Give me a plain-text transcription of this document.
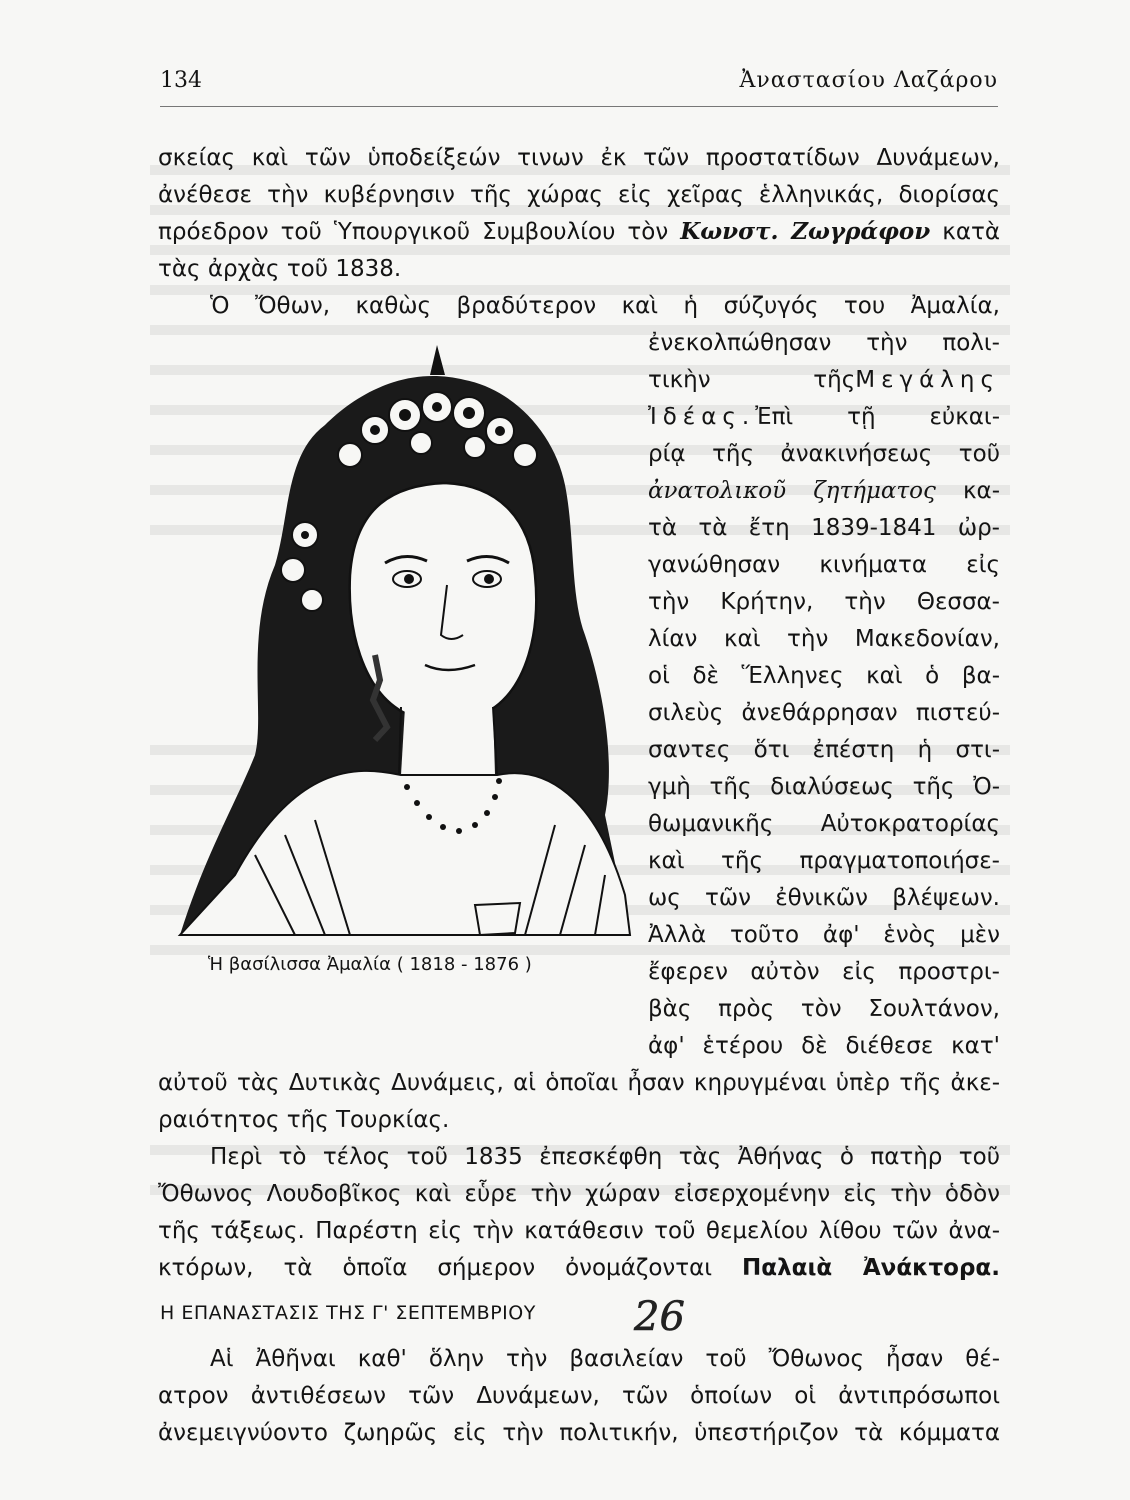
134	Ἀναστασίου Λαζάρου
σκείας καὶ τῶν ὑποδείξεών τινων ἐκ τῶν προστατίδων Δυνάμεων,
ἀνέθεσε τὴν κυβέρνησιν τῆς χώρας εἰς χεῖρας ἑλληνικάς, διορίσας
πρόεδρον τοῦ Ὑπουργικοῦ Συμβουλίου τὸν Κωνστ. Ζωγράφον κατὰ
τὰς ἀρχὰς τοῦ 1838.
Ὁ Ὄθων, καθὼς βραδύτερον καὶ ἡ σύζυγός του Ἀμαλία,
ἐνεκολπώθησαν τὴν πολι-
τικὴν τῆςΜεγάλης
Ἰδέας.Ἐπὶ τῇ εὐκαι-
ρίᾳ τῆς ἀνακινήσεως τοῦ
ἀνατολικοῦ ζητήματος κα-
τὰ τὰ ἔτη 1839-1841 ὠρ-
γανώθησαν κινήματα εἰς
τὴν Κρήτην, τὴν Θεσσα-
λίαν καὶ τὴν Μακεδονίαν,
οἱ δὲ Ἕλληνες καὶ ὁ βα-
σιλεὺς ἀνεθάρρησαν πιστεύ-
σαντες ὅτι ἐπέστη ἡ στι-
γμὴ τῆς διαλύσεως τῆς Ὀ-
θωμανικῆς Αὐτοκρατορίας
καὶ τῆς πραγματοποιήσε-
ως τῶν ἐθνικῶν βλέψεων.
Ἀλλὰ τοῦτο ἀφ' ἑνὸς μὲν
ἔφερεν αὐτὸν εἰς προστρι-
βὰς πρὸς τὸν Σουλτάνον,
Ἡ βασίλισσα Ἀμαλία ( 1818 - 1876 )
ἀφ' ἑτέρου δὲ διέθεσε κατ'
αὐτοῦ τὰς Δυτικὰς Δυνάμεις, αἱ ὁποῖαι ἦσαν κηρυγμέναι ὑπὲρ τῆς ἀκε-
ραιότητος τῆς Τουρκίας.
Περὶ τὸ τέλος τοῦ 1835 ἐπεσκέφθη τὰς Ἀθήνας ὁ πατὴρ τοῦ
Ὄθωνος Λουδοβῖκος καὶ εὗρε τὴν χώραν εἰσερχομένην εἰς τὴν ὁδὸν
τῆς τάξεως. Παρέστη εἰς τὴν κατάθεσιν τοῦ θεμελίου λίθου τῶν ἀνα-
κτόρων, τὰ ὁποῖα σήμερον ὀνομάζονται Παλαιὰ Ἀνάκτορα.
Η ΕΠΑΝΑΣΤΑΣΙΣ ΤΗΣ Γ' ΣΕΠΤΕΜΒΡΙΟΥ 26
Αἱ Ἀθῆναι καθ' ὅλην τὴν βασιλείαν τοῦ Ὄθωνος ἦσαν θέ-
ατρον ἀντιθέσεων τῶν Δυνάμεων, τῶν ὁποίων οἱ ἀντιπρόσωποι
ἀνεμειγνύοντο ζωηρῶς εἰς τὴν πολιτικήν, ὑπεστήριζον τὰ κόμματα
